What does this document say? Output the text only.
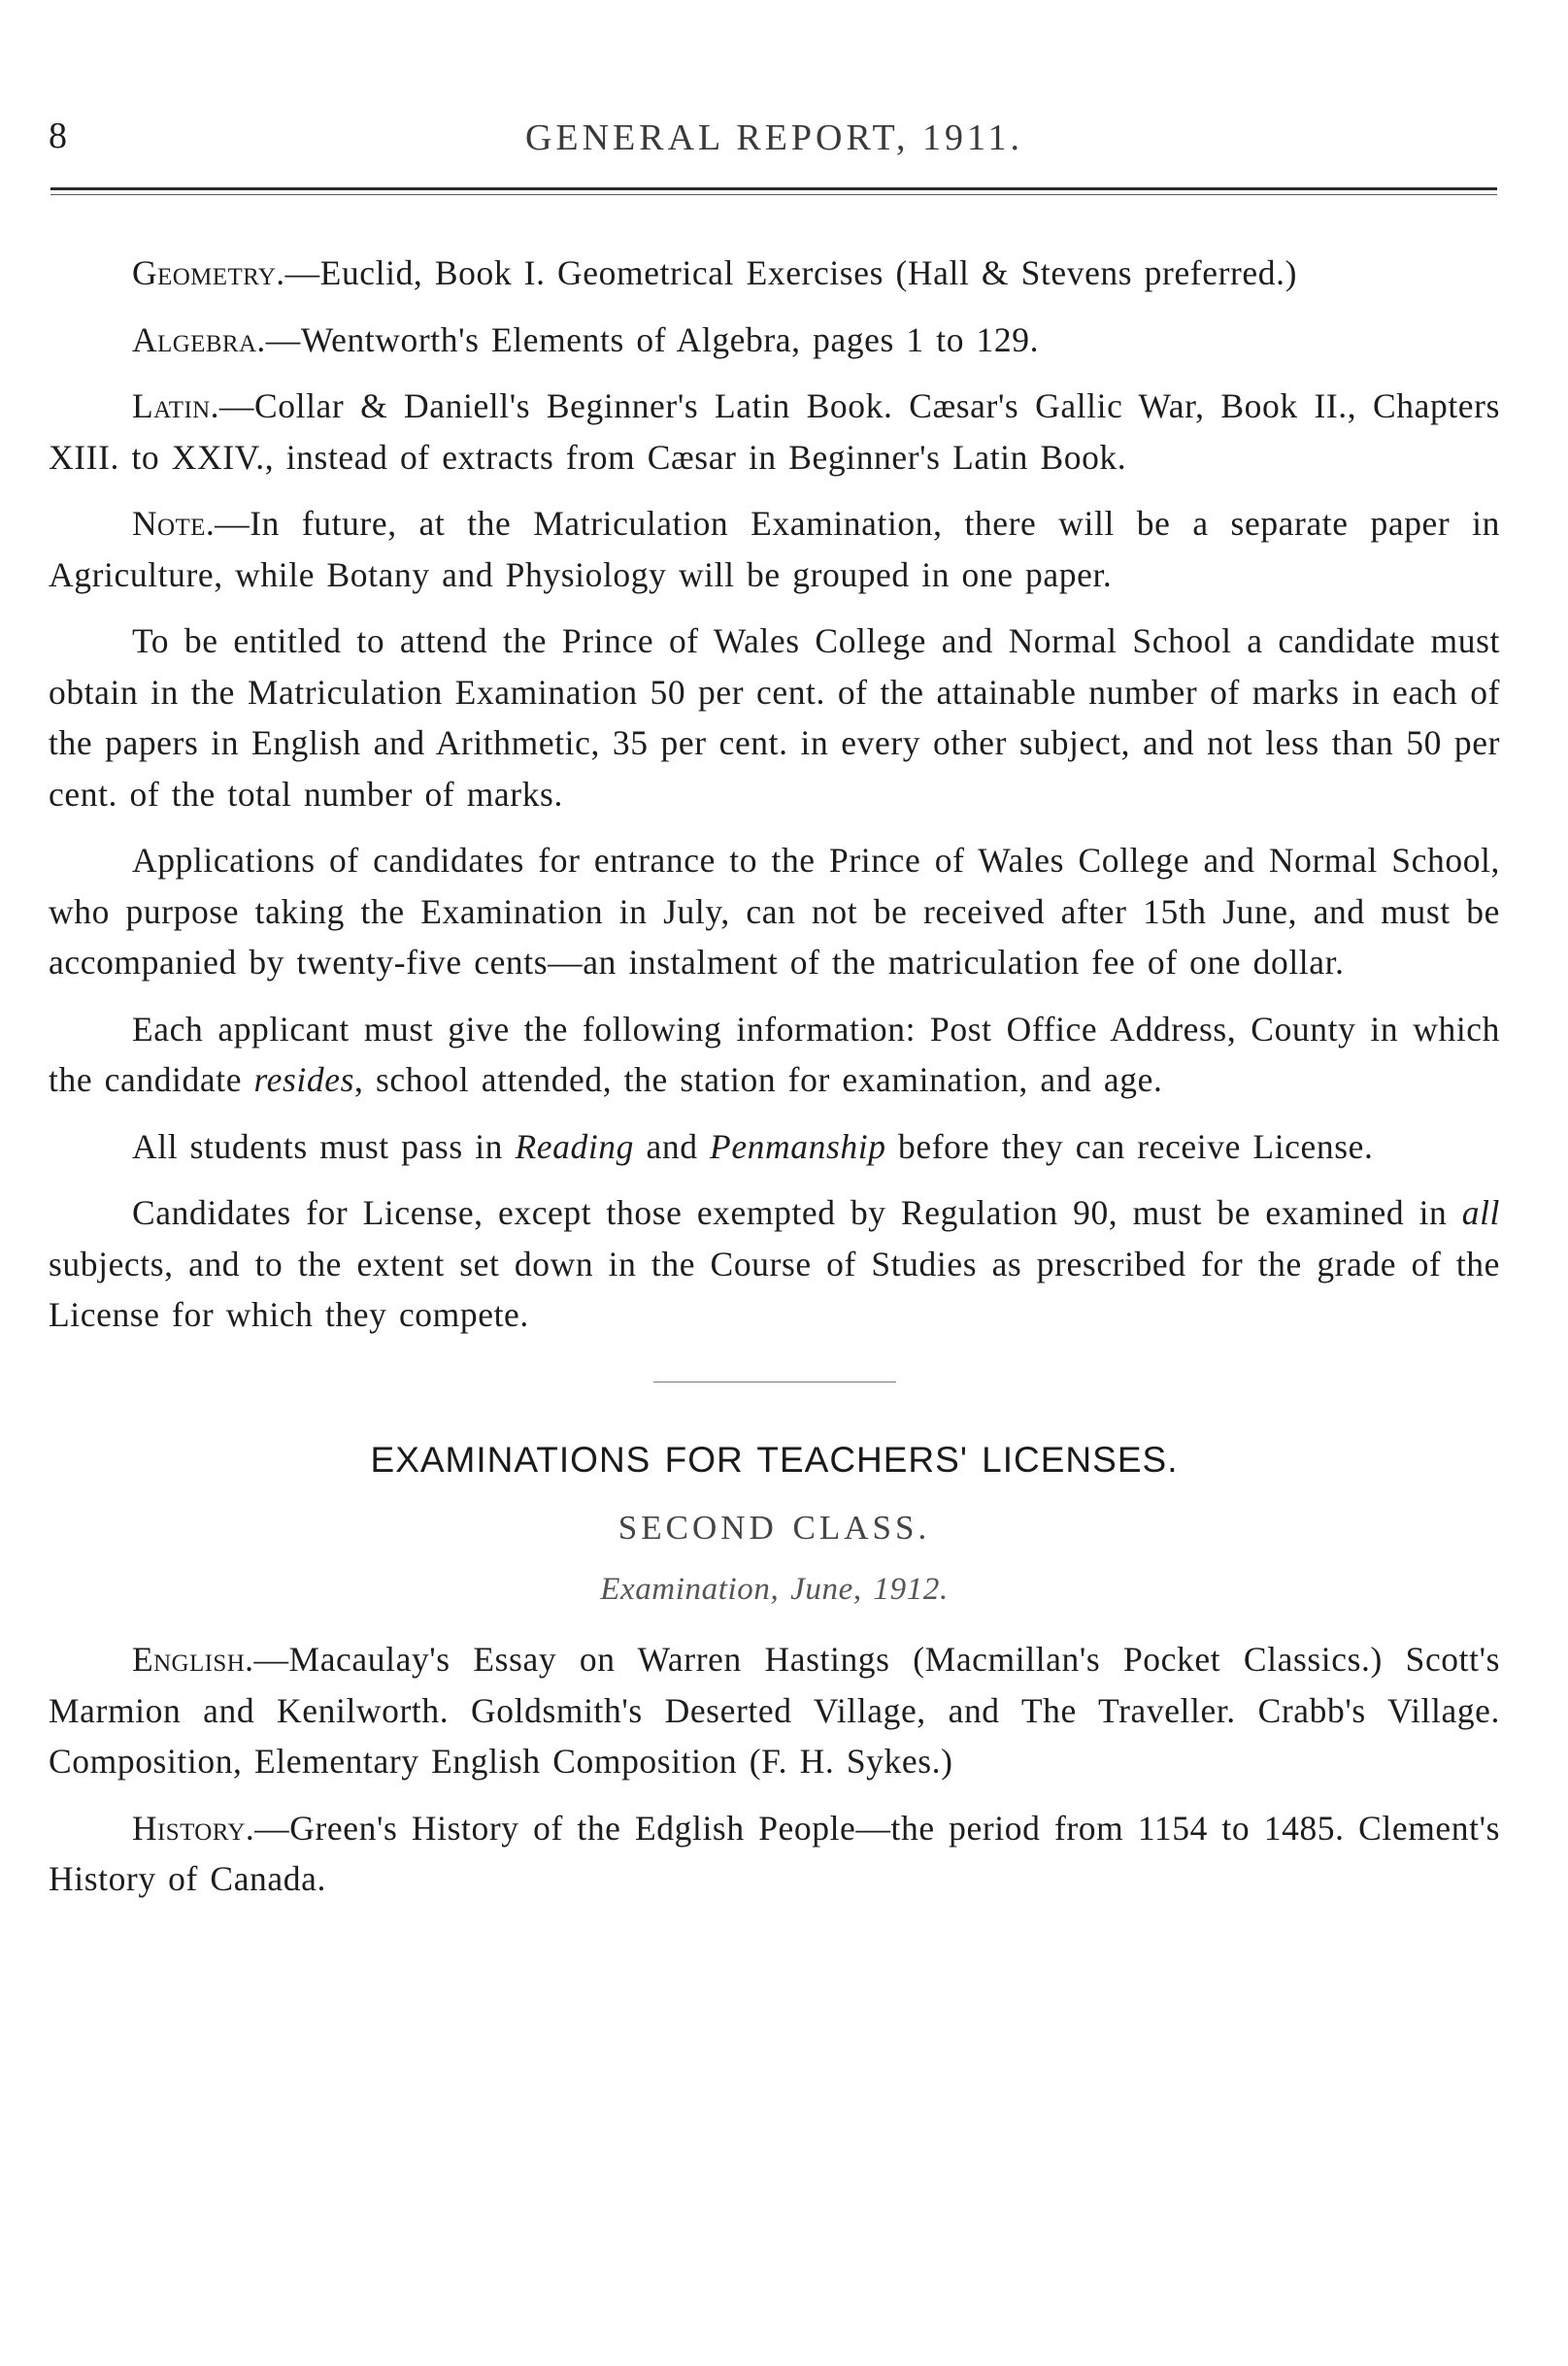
8	GENERAL REPORT, 1911.

Geometry.—Euclid, Book I. Geometrical Exercises (Hall & Stevens preferred.)

Algebra.—Wentworth's Elements of Algebra, pages 1 to 129.

Latin.—Collar & Daniell's Beginner's Latin Book. Cæsar's Gallic War, Book II., Chapters XIII. to XXIV., instead of extracts from Cæsar in Beginner's Latin Book.

Note.—In future, at the Matriculation Examination, there will be a separate paper in Agriculture, while Botany and Physiology will be grouped in one paper.

To be entitled to attend the Prince of Wales College and Normal School a candidate must obtain in the Matriculation Examination 50 per cent. of the attainable number of marks in each of the papers in English and Arithmetic, 35 per cent. in every other subject, and not less than 50 per cent. of the total number of marks.

Applications of candidates for entrance to the Prince of Wales College and Normal School, who purpose taking the Examination in July, can not be received after 15th June, and must be accompanied by twenty-five cents—an instalment of the matriculation fee of one dollar.

Each applicant must give the following information: Post Office Address, County in which the candidate resides, school attended, the station for examination, and age.

All students must pass in Reading and Penmanship before they can receive License.

Candidates for License, except those exempted by Regulation 90, must be examined in all subjects, and to the extent set down in the Course of Studies as prescribed for the grade of the License for which they compete.

EXAMINATIONS FOR TEACHERS' LICENSES.
SECOND CLASS.
Examination, June, 1912.

English.—Macaulay's Essay on Warren Hastings (Macmillan's Pocket Classics.) Scott's Marmion and Kenilworth. Goldsmith's Deserted Village, and The Traveller. Crabb's Village. Composition, Elementary English Composition (F. H. Sykes.)

History.—Green's History of the Edglish People—the period from 1154 to 1485. Clement's History of Canada.
